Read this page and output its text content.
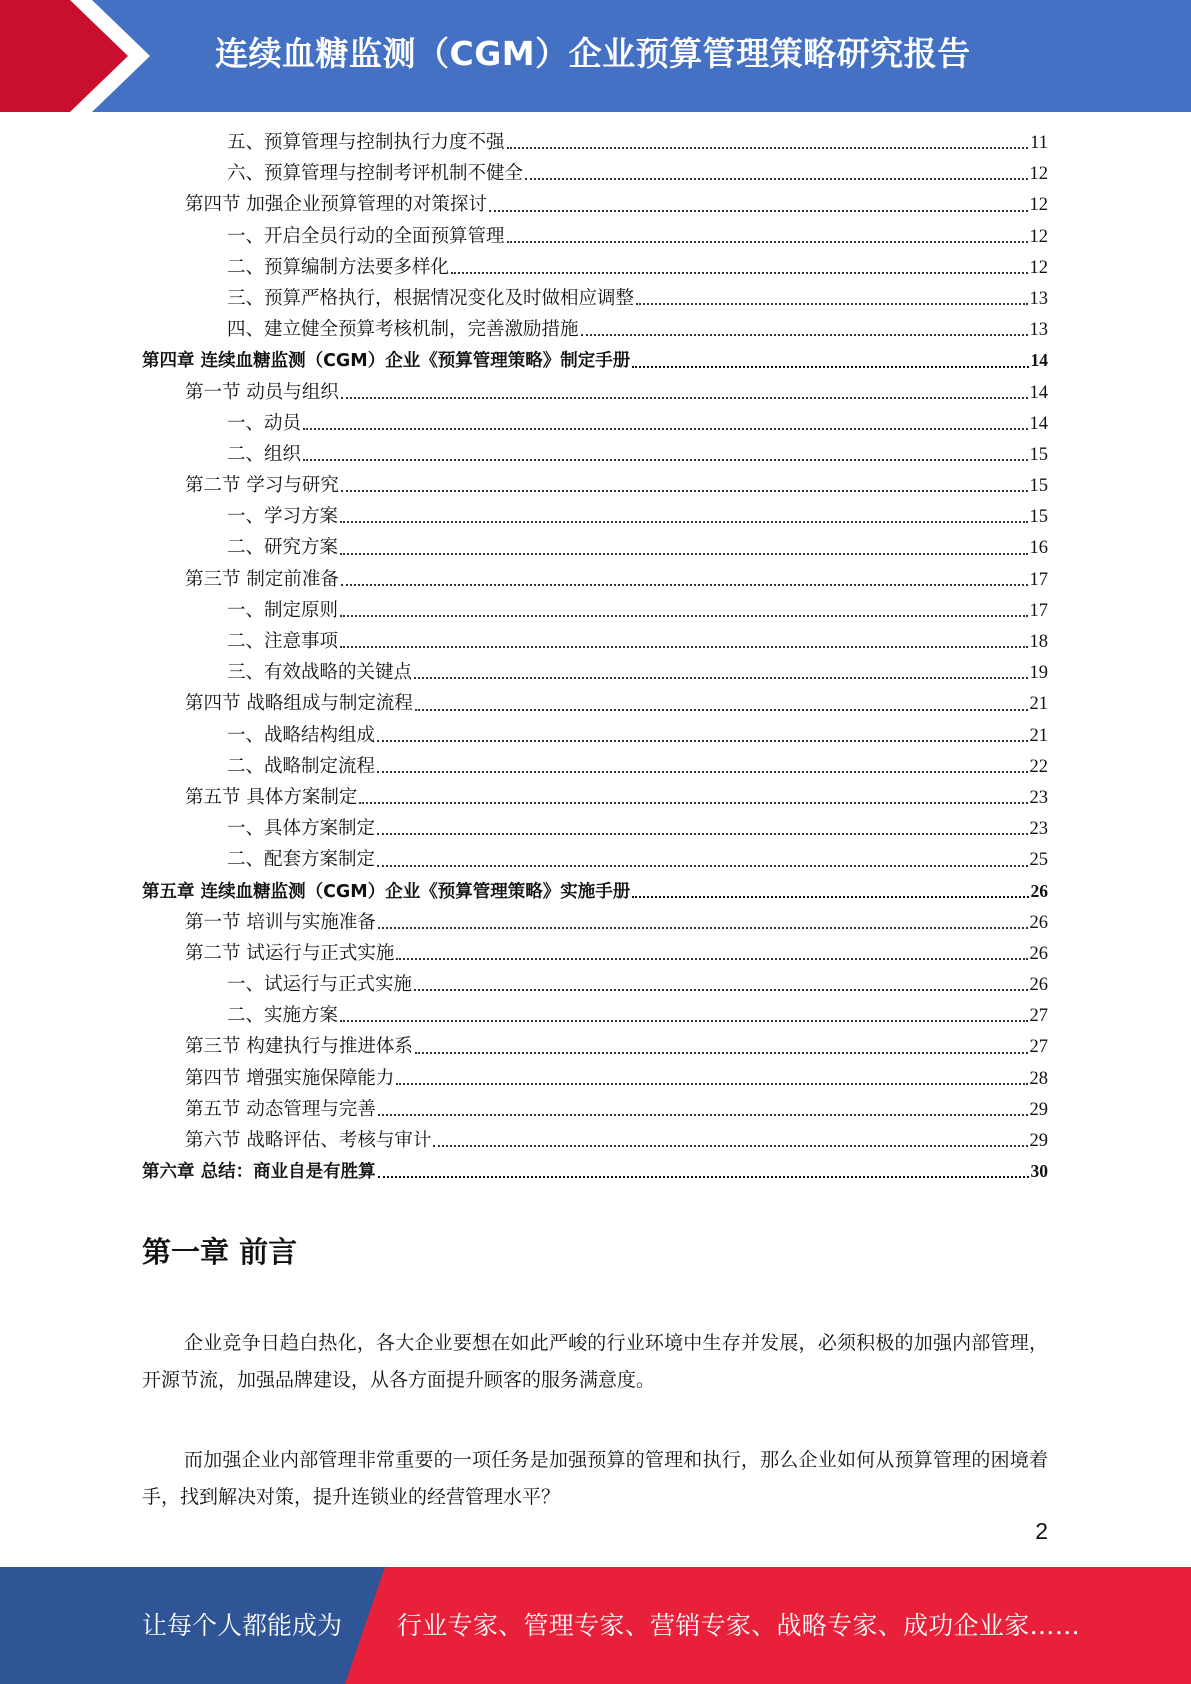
连续血糖监测（CGM）企业预算管理策略研究报告
五、预算管理与控制执行力度不强	11
六、预算管理与控制考评机制不健全	12
第四节 加强企业预算管理的对策探讨	12
一、开启全员行动的全面预算管理	12
二、预算编制方法要多样化	12
三、预算严格执行，根据情况变化及时做相应调整	13
四、建立健全预算考核机制，完善激励措施	13
第四章 连续血糖监测（CGM）企业《预算管理策略》制定手册	14
第一节 动员与组织	14
一、动员	14
二、组织	15
第二节 学习与研究	15
一、学习方案	15
二、研究方案	16
第三节 制定前准备	17
一、制定原则	17
二、注意事项	18
三、有效战略的关键点	19
第四节 战略组成与制定流程	21
一、战略结构组成	21
二、战略制定流程	22
第五节 具体方案制定	23
一、具体方案制定	23
二、配套方案制定	25
第五章 连续血糖监测（CGM）企业《预算管理策略》实施手册	26
第一节 培训与实施准备	26
第二节 试运行与正式实施	26
一、试运行与正式实施	26
二、实施方案	27
第三节 构建执行与推进体系	27
第四节 增强实施保障能力	28
第五节 动态管理与完善	29
第六节 战略评估、考核与审计	29
第六章 总结：商业自是有胜算	30
第一章 前言
企业竞争日趋白热化，各大企业要想在如此严峻的行业环境中生存并发展，必须积极的加强内部管理，开源节流，加强品牌建设，从各方面提升顾客的服务满意度。
而加强企业内部管理非常重要的一项任务是加强预算的管理和执行，那么企业如何从预算管理的困境着手，找到解决对策，提升连锁业的经营管理水平？
2
让每个人都能成为 行业专家、管理专家、营销专家、战略专家、成功企业家……
